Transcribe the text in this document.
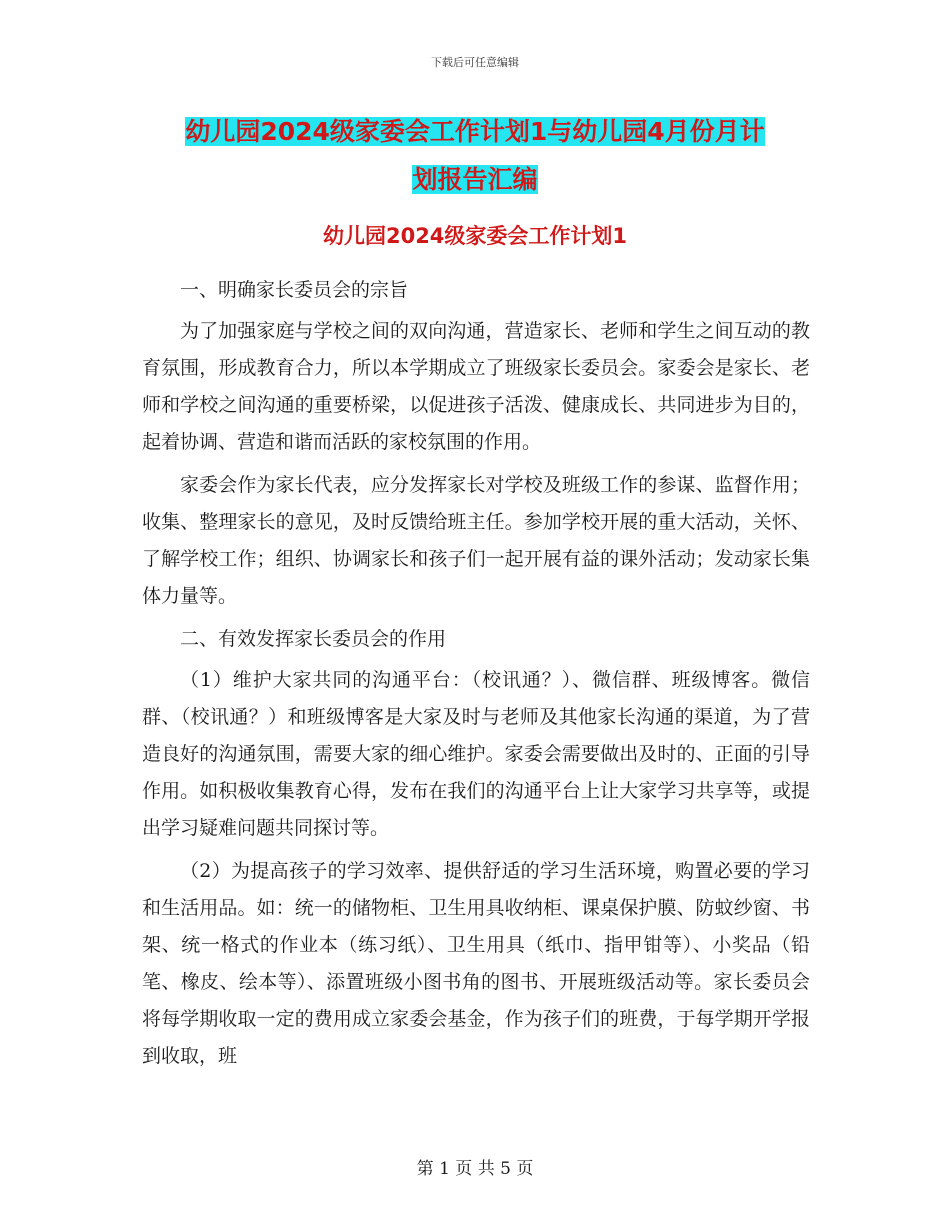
下载后可任意编辑
幼儿园2024级家委会工作计划1与幼儿园4月份月计
划报告汇编
幼儿园2024级家委会工作计划1

一、明确家长委员会的宗旨

为了加强家庭与学校之间的双向沟通，营造家长、老师和学生之间互动的教育氛围，形成教育合力，所以本学期成立了班级家长委员会。家委会是家长、老师和学校之间沟通的重要桥梁，以促进孩子活泼、健康成长、共同进步为目的，起着协调、营造和谐而活跃的家校氛围的作用。

家委会作为家长代表，应分发挥家长对学校及班级工作的参谋、监督作用；收集、整理家长的意见，及时反馈给班主任。参加学校开展的重大活动，关怀、了解学校工作；组织、协调家长和孩子们一起开展有益的课外活动；发动家长集体力量等。

二、有效发挥家长委员会的作用

（1）维护大家共同的沟通平台：（校讯通？）、微信群、班级博客。微信群、（校讯通？）和班级博客是大家及时与老师及其他家长沟通的渠道，为了营造良好的沟通氛围，需要大家的细心维护。家委会需要做出及时的、正面的引导作用。如积极收集教育心得，发布在我们的沟通平台上让大家学习共享等，或提出学习疑难问题共同探讨等。

（2）为提高孩子的学习效率、提供舒适的学习生活环境，购置必要的学习和生活用品。如：统一的储物柜、卫生用具收纳柜、课桌保护膜、防蚊纱窗、书架、统一格式的作业本（练习纸）、卫生用具（纸巾、指甲钳等）、小奖品（铅笔、橡皮、绘本等）、添置班级小图书角的图书、开展班级活动等。家长委员会将每学期收取一定的费用成立家委会基金，作为孩子们的班费，于每学期开学报到收取，班

第 1 页 共 5 页
